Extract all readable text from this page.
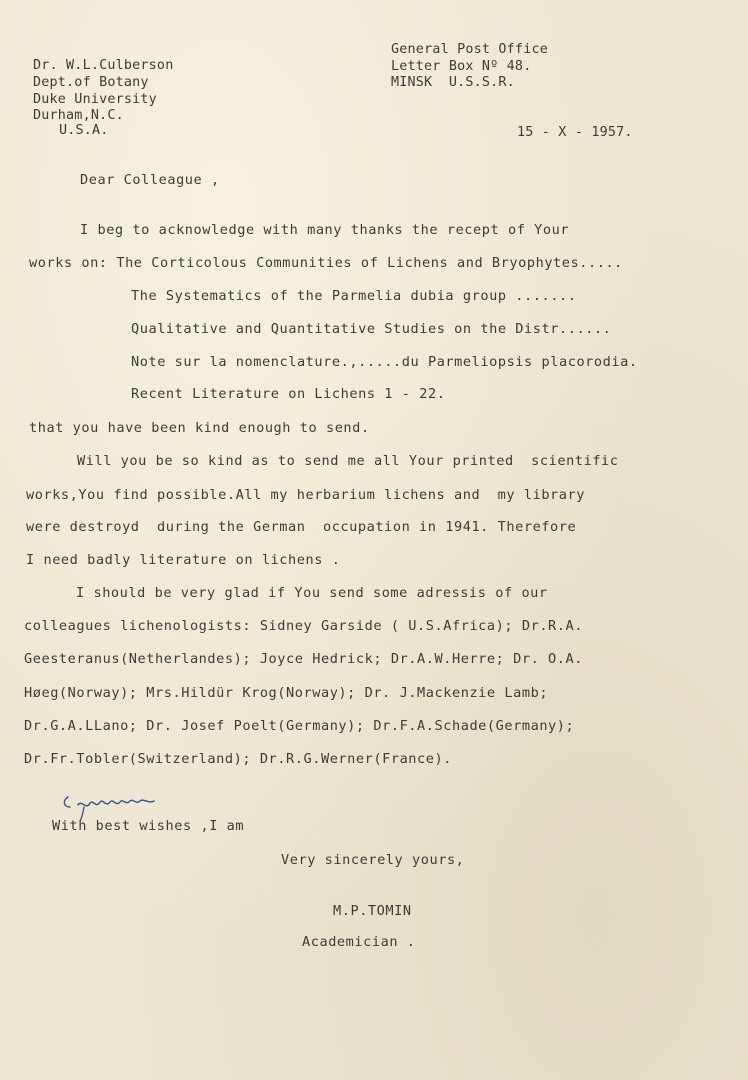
Dr. W.L.Culberson
Dept.of Botany
Duke University
Durham,N.C.
U.S.A.
General Post Office
Letter Box Nº 48.
MINSK  U.S.S.R.
15 - X - 1957.
Dear Colleague ,
I beg to acknowledge with many thanks the recept of Your
works on: The Corticolous Communities of Lichens and Bryophytes.....
The Systematics of the Parmelia dubia group .......
Qualitative and Quantitative Studies on the Distr......
Note sur la nomenclature.,.....du Parmeliopsis placorodia.
Recent Literature on Lichens 1 - 22.
that you have been kind enough to send.
Will you be so kind as to send me all Your printed  scientific
works,You find possible.All my herbarium lichens and  my library
were destroyd  during the German  occupation in 1941. Therefore
I need badly literature on lichens .
I should be very glad if You send some adressis of our
colleagues lichenologists: Sidney Garside ( U.S.Africa); Dr.R.A.
Geesteranus(Netherlandes); Joyce Hedrick; Dr.A.W.Herre; Dr. O.A.
Høeg(Norway); Mrs.Hildür Krog(Norway); Dr. J.Mackenzie Lamb;
Dr.G.A.LLano; Dr. Josef Poelt(Germany); Dr.F.A.Schade(Germany);
Dr.Fr.Tobler(Switzerland); Dr.R.G.Werner(France).
With best wishes ,I am
Very sincerely yours,
M.P.TOMIN
Academician .
